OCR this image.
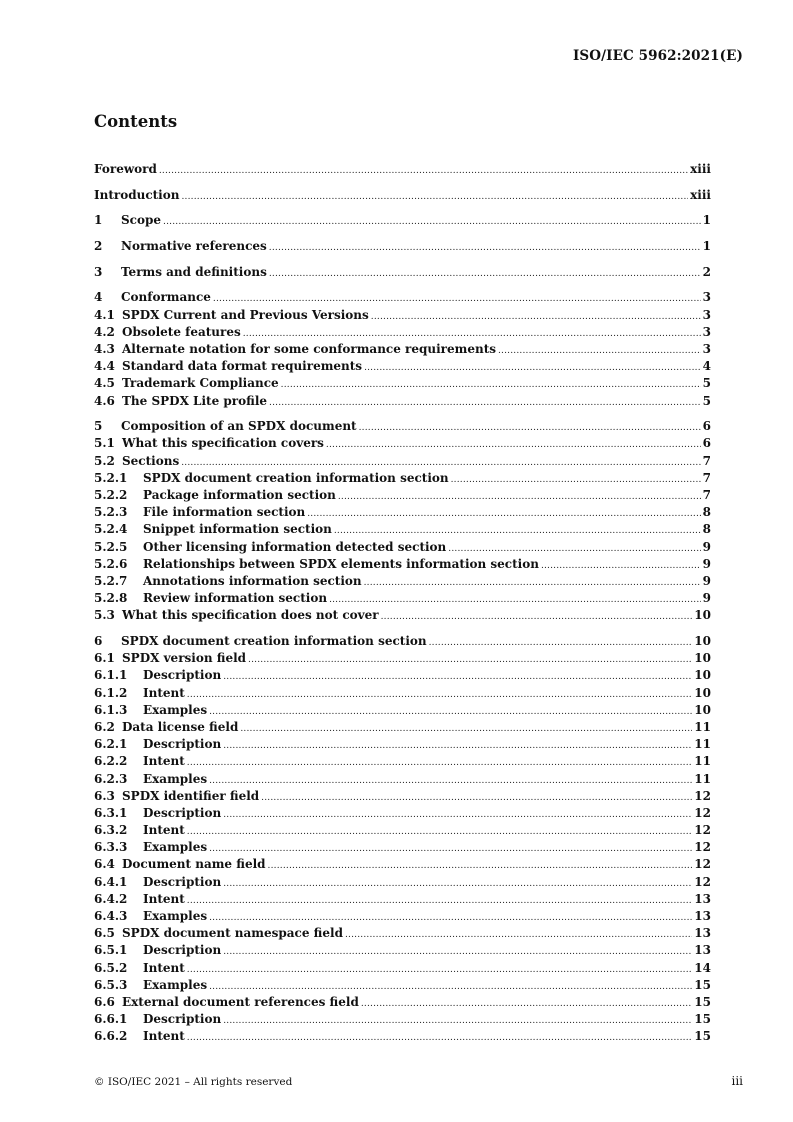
ISO/IEC 5962:2021(E)
Contents
Foreword .....	xiii
Introduction .....	xiii
1	Scope .....	1
2	Normative references .....	1
3	Terms and definitions .....	2
4	Conformance .....	3
4.1 SPDX Current and Previous Versions .....	3
4.2 Obsolete features .....	3
4.3 Alternate notation for some conformance requirements .....	3
4.4 Standard data format requirements .....	4
4.5 Trademark Compliance .....	5
4.6 The SPDX Lite profile .....	5
5	Composition of an SPDX document .....	6
5.1 What this specification covers .....	6
5.2 Sections .....	7
5.2.1	SPDX document creation information section .....	7
5.2.2	Package information section .....	7
5.2.3	File information section .....	8
5.2.4	Snippet information section .....	8
5.2.5	Other licensing information detected section .....	9
5.2.6	Relationships between SPDX elements information section .....	9
5.2.7	Annotations information section .....	9
5.2.8	Review information section .....	9
5.3 What this specification does not cover .....	10
6	SPDX document creation information section .....	10
6.1 SPDX version field .....	10
6.1.1	Description .....	10
6.1.2	Intent .....	10
6.1.3	Examples .....	10
6.2 Data license field .....	11
6.2.1	Description .....	11
6.2.2	Intent .....	11
6.2.3	Examples .....	11
6.3 SPDX identifier field .....	12
6.3.1	Description .....	12
6.3.2	Intent .....	12
6.3.3	Examples .....	12
6.4 Document name field .....	12
6.4.1	Description .....	12
6.4.2	Intent .....	13
6.4.3	Examples .....	13
6.5 SPDX document namespace field .....	13
6.5.1	Description .....	13
6.5.2	Intent .....	14
6.5.3	Examples .....	15
6.6 External document references field .....	15
6.6.1	Description .....	15
6.6.2	Intent .....	15
© ISO/IEC 2021 – All rights reserved	iii
